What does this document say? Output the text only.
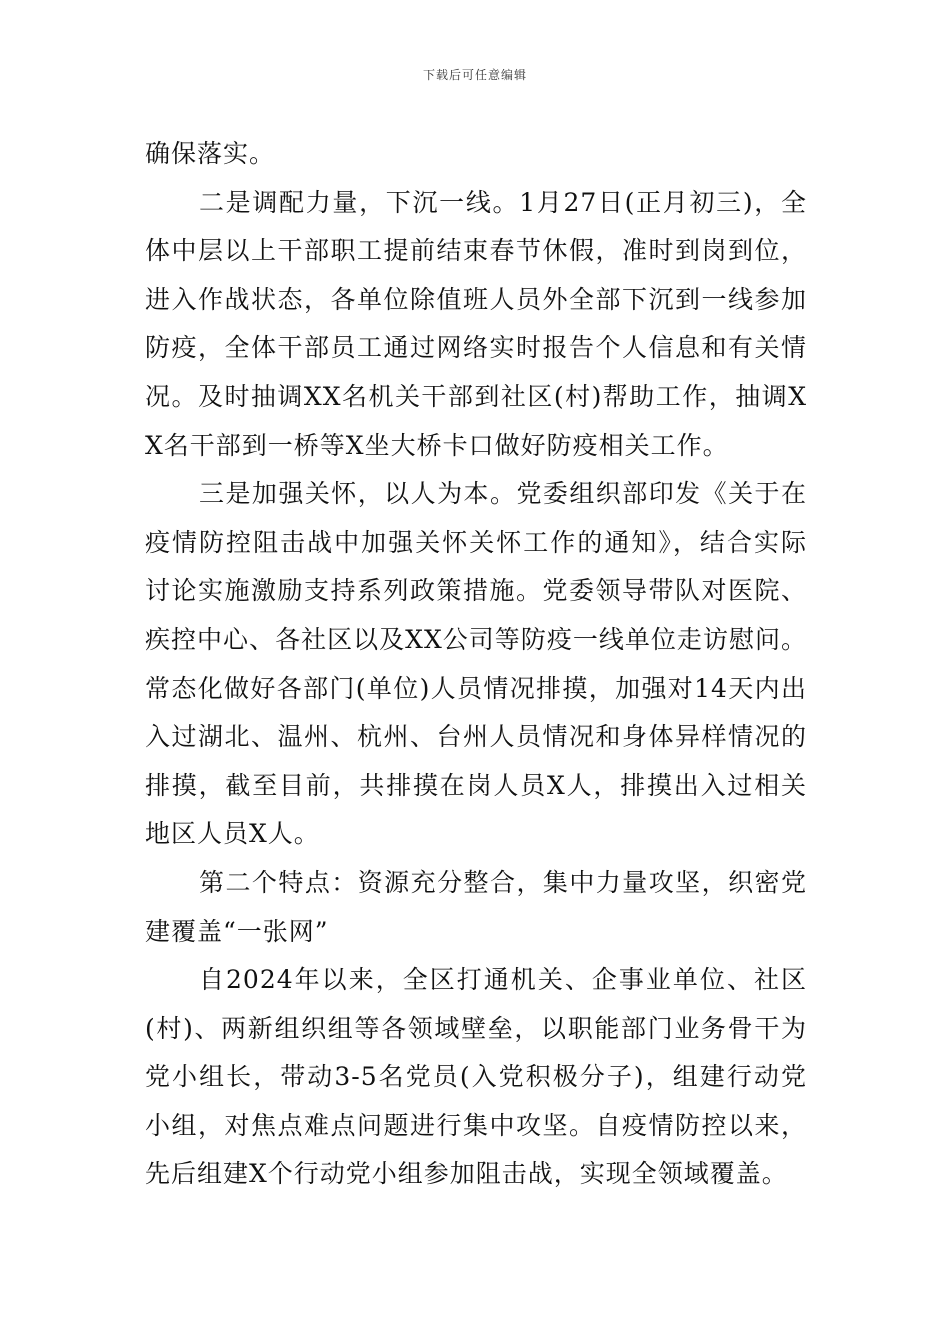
下载后可任意编辑

确保落实。

二是调配力量，下沉一线。1月27日(正月初三)，全体中层以上干部职工提前结束春节休假，准时到岗到位，进入作战状态，各单位除值班人员外全部下沉到一线参加防疫，全体干部员工通过网络实时报告个人信息和有关情况。及时抽调XX名机关干部到社区(村)帮助工作，抽调XX名干部到一桥等X坐大桥卡口做好防疫相关工作。

三是加强关怀，以人为本。党委组织部印发《关于在疫情防控阻击战中加强关怀关怀工作的通知》，结合实际讨论实施激励支持系列政策措施。党委领导带队对医院、疾控中心、各社区以及XX公司等防疫一线单位走访慰问。常态化做好各部门(单位)人员情况排摸，加强对14天内出入过湖北、温州、杭州、台州人员情况和身体异样情况的排摸，截至目前，共排摸在岗人员X人，排摸出入过相关地区人员X人。

第二个特点：资源充分整合，集中力量攻坚，织密党建覆盖“一张网”

自2024年以来，全区打通机关、企事业单位、社区(村)、两新组织组等各领域壁垒，以职能部门业务骨干为党小组长，带动3-5名党员(入党积极分子)，组建行动党小组，对焦点难点问题进行集中攻坚。自疫情防控以来，先后组建X个行动党小组参加阻击战，实现全领域覆盖。
